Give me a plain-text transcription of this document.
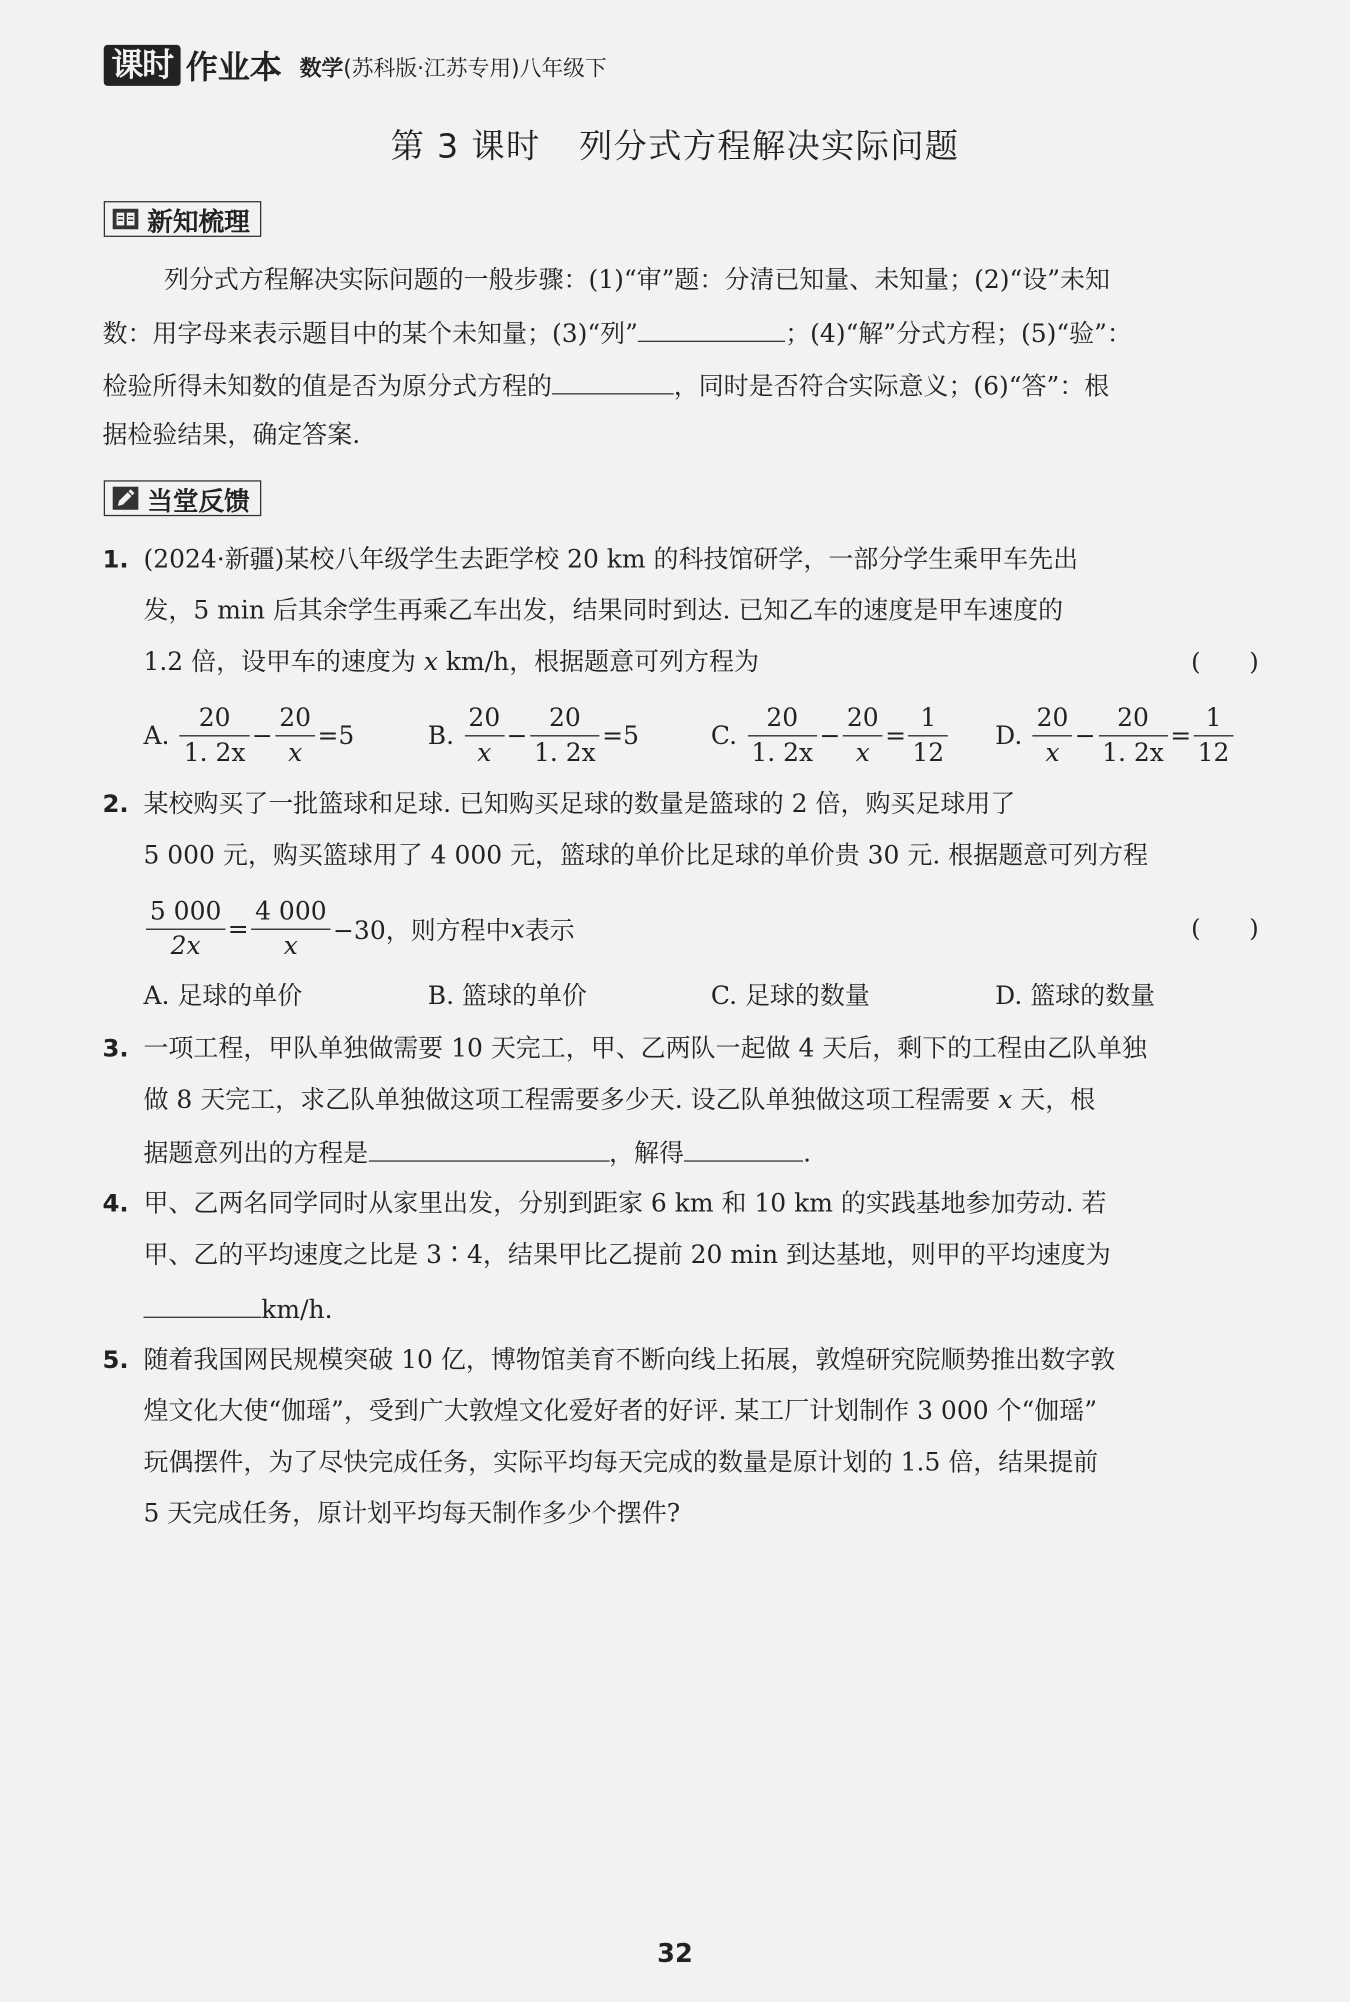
课时 作业本 数学(苏科版·江苏专用)八年级下
第 3 课时 列分式方程解决实际问题
新知梳理
列分式方程解决实际问题的一般步骤：(1)“审”题：分清已知量、未知量；(2)“设”未知
数：用字母来表示题目中的某个未知量；(3)“列”	；(4)“解”分式方程；(5)“验”：
检验所得未知数的值是否为原分式方程的	，同时是否符合实际意义；(6)“答”：根
据检验结果，确定答案.
当堂反馈
1. (2024·新疆)某校八年级学生去距学校 20 km 的科技馆研学，一部分学生乘甲车先出
发，5 min 后其余学生再乘乙车出发，结果同时到达. 已知乙车的速度是甲车速度的
1.2 倍，设甲车的速度为 x km/h，根据题意可列方程为	(　　)
A.
$\frac{20}{1. 2x} - \frac{20}{x} =5$	B.
$\frac{20}{x} - \frac{20}{1. 2x} =5$	C.
$\frac{20}{1. 2x} - \frac{20}{x} = \frac{1}{12} D$.
$\frac{20}{x} - \frac{20}{1. 2x} = \frac{1}{12}$
2. 某校购买了一批篮球和足球. 已知购买足球的数量是篮球的 2 倍，购买足球用了
5 000 元，购买篮球用了 4 000 元，篮球的单价比足球的单价贵 30 元. 根据题意可列方程
$\frac{5 000}{2x} = \frac{4 000}{x} -30$，则方程中 x 表示	(　　)
A. 足球的单价	B. 篮球的单价	C. 足球的数量	D. 篮球的数量
3. 一项工程，甲队单独做需要 10 天完工，甲、乙两队一起做 4 天后，剩下的工程由乙队单独
做 8 天完工，求乙队单独做这项工程需要多少天. 设乙队单独做这项工程需要 x 天，根
据题意列出的方程是	，解得	.
4. 甲、乙两名同学同时从家里出发，分别到距家 6 km 和 10 km 的实践基地参加劳动. 若
甲、乙的平均速度之比是 3∶4，结果甲比乙提前 20 min 到达基地，则甲的平均速度为
km/h.
5. 随着我国网民规模突破 10 亿，博物馆美育不断向线上拓展，敦煌研究院顺势推出数字敦
煌文化大使“伽瑶”，受到广大敦煌文化爱好者的好评. 某工厂计划制作 3 000 个“伽瑶”
玩偶摆件，为了尽快完成任务，实际平均每天完成的数量是原计划的 1.5 倍，结果提前
5 天完成任务，原计划平均每天制作多少个摆件?
32
